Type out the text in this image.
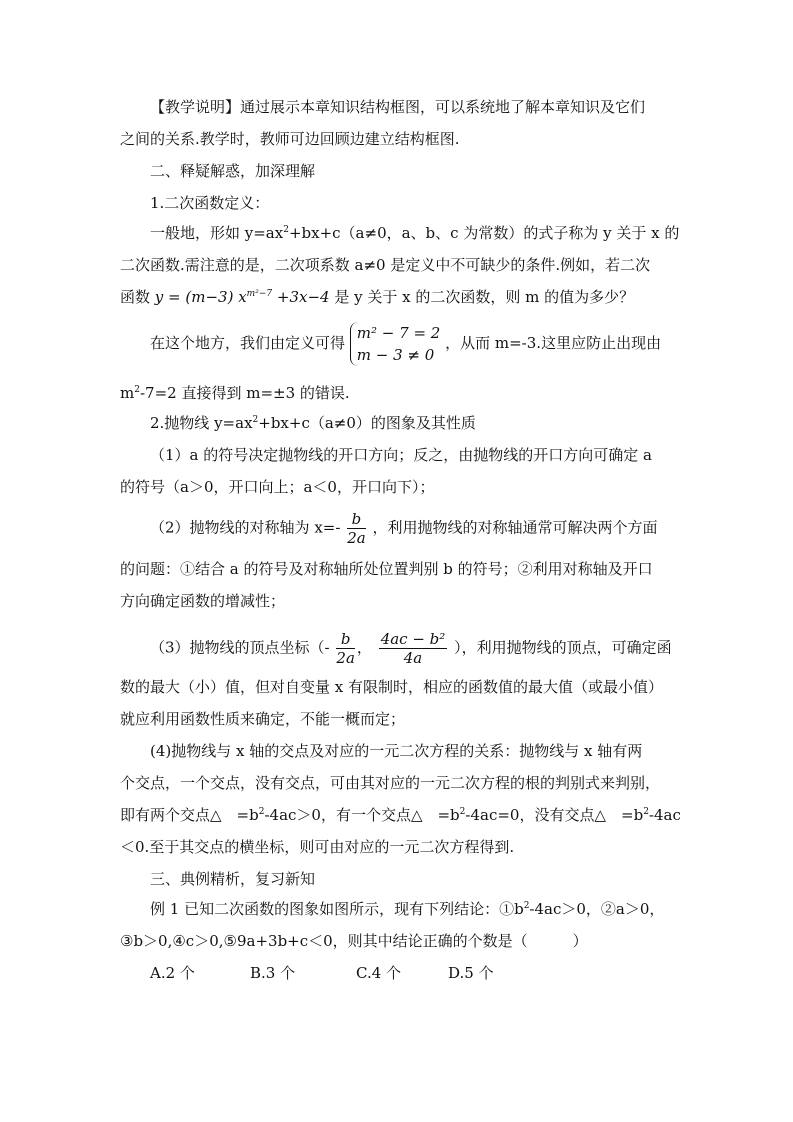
【教学说明】通过展示本章知识结构框图，可以系统地了解本章知识及它们
之间的关系.教学时，教师可边回顾边建立结构框图.
二、释疑解惑，加深理解
1.二次函数定义：
一般地，形如 $y=ax^2+bx+c(a\ne 0$，a、b、c 为常数）的式子称为 y 关于 x 的
二次函数.需注意的是，二次项系数 a≠0 是定义中不可缺少的条件.例如，若二次
函数 y = (m−3) $x^{m^2-7} +3x-4$ 是 y 关于 x 的二次函数，则 m 的值为多少？
在这个地方，我们由定义可得
m² − 7 = 2
m − 3 ≠ 0
，从而 m=-3.这里应防止出现由
$m^2-7=2$ 直接得到 m=±3 的错误.
2.抛物线 $y=ax^2+bx+c(a\ne 0)$的图象及其性质
（1）a 的符号决定抛物线的开口方向；反之，由抛物线的开口方向可确定 a
的符号（a＞0，开口向上；a＜0，开口向下）；
（2）抛物线的对称轴为 $x=- \frac{b}{2a}$ ，利用抛物线的对称轴通常可解决两个方面
的问题：①结合 a 的符号及对称轴所处位置判别 b 的符号；②利用对称轴及开口
方向确定函数的增减性；
（3）抛物线的顶点坐标（- $\frac{b}{2a}$ ， $\frac{\text{4ac − b²}}{4a}$ ），利用抛物线的顶点，可确定函
数的最大（小）值，但对自变量 x 有限制时，相应的函数值的最大值（或最小值）
就应利用函数性质来确定，不能一概而定；
(4)抛物线与 x 轴的交点及对应的一元二次方程的关系：抛物线与 x 轴有两
个交点，一个交点，没有交点，可由其对应的一元二次方程的根的判别式来判别，
即有两个交点△　$=b^2-4ac>0$，有一个交点△　$=b^2-4ac=0$，没有交点△　$=b^2-4ac$
＜0.至于其交点的横坐标，则可由对应的一元二次方程得到.
三、典例精析，复习新知
例 1 已知二次函数的图象如图所示，现有下列结论：$①b^2-4ac>0$，②a＞0，
③b＞0,④c＞0,⑤9a+3b+c＜0，则其中结论正确的个数是（　　　）
A.2 个	B.3 个	C.4 个	D.5 个
